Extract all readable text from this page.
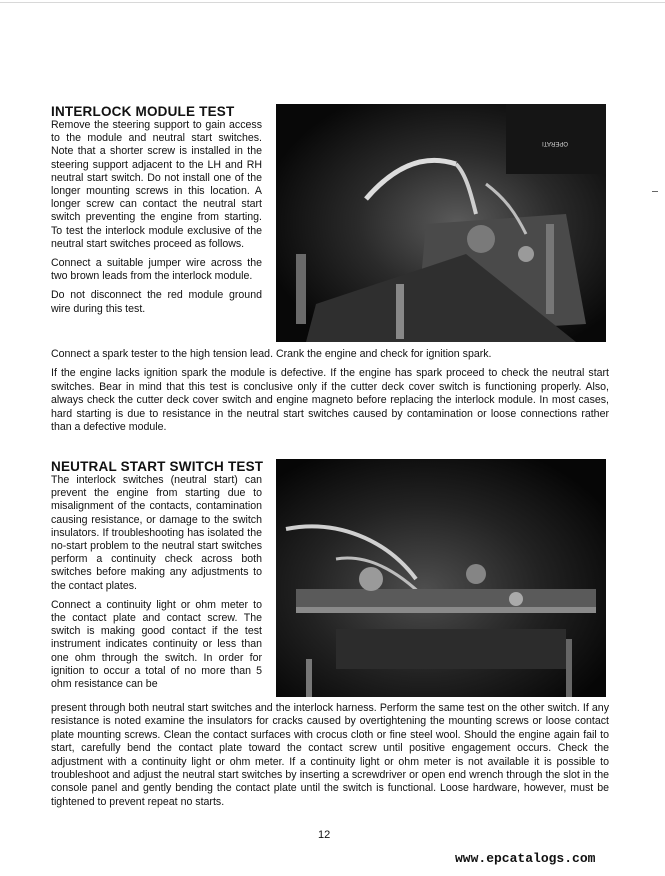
INTERLOCK MODULE TEST

Remove the steering support to gain access to the module and neutral start switches. Note that a shorter screw is installed in the steering support adjacent to the LH and RH neutral start switch. Do not install one of the longer mounting screws in this location. A longer screw can contact the neutral start switch preventing the engine from starting. To test the interlock module exclusive of the neutral start switches proceed as follows.

Connect a suitable jumper wire across the two brown leads from the interlock module.

Do not disconnect the red module ground wire during this test.

OPERATI

Connect a spark tester to the high tension lead. Crank the engine and check for ignition spark.

If the engine lacks ignition spark the module is defective. If the engine has spark proceed to check the neutral start switches. Bear in mind that this test is conclusive only if the cutter deck cover switch is functioning properly. Also, always check the cutter deck cover switch and engine magneto before replacing the interlock module. In most cases, hard starting is due to resistance in the neutral start switches caused by contamination or loose connections rather than a defective module.

NEUTRAL START SWITCH TEST

The interlock switches (neutral start) can prevent the engine from starting due to misalignment of the contacts, contamination causing resistance, or damage to the switch insulators. If troubleshooting has isolated the no-start problem to the neutral start switches perform a continuity check across both switches before making any adjustments to the contact plates.

Connect a continuity light or ohm meter to the contact plate and contact screw. The switch is making good contact if the test instrument indicates continuity or less than one ohm through the switch. In order for ignition to occur a total of no more than 5 ohm resistance can be

present through both neutral start switches and the interlock harness. Perform the same test on the other switch. If any resistance is noted examine the insulators for cracks caused by overtightening the mounting screws or loose contact plate mounting screws. Clean the contact surfaces with crocus cloth or fine steel wool. Should the engine again fail to start, carefully bend the contact plate toward the contact screw until positive engagement occurs. Check the adjustment with a continuity light or ohm meter. If a continuity light or ohm meter is not available it is possible to troubleshoot and adjust the neutral start switches by inserting a screwdriver or open end wrench through the slot in the console panel and gently bending the contact plate until the switch is functional. Loose hardware, however, must be tightened to prevent repeat no starts.
12
www.epcatalogs.com
